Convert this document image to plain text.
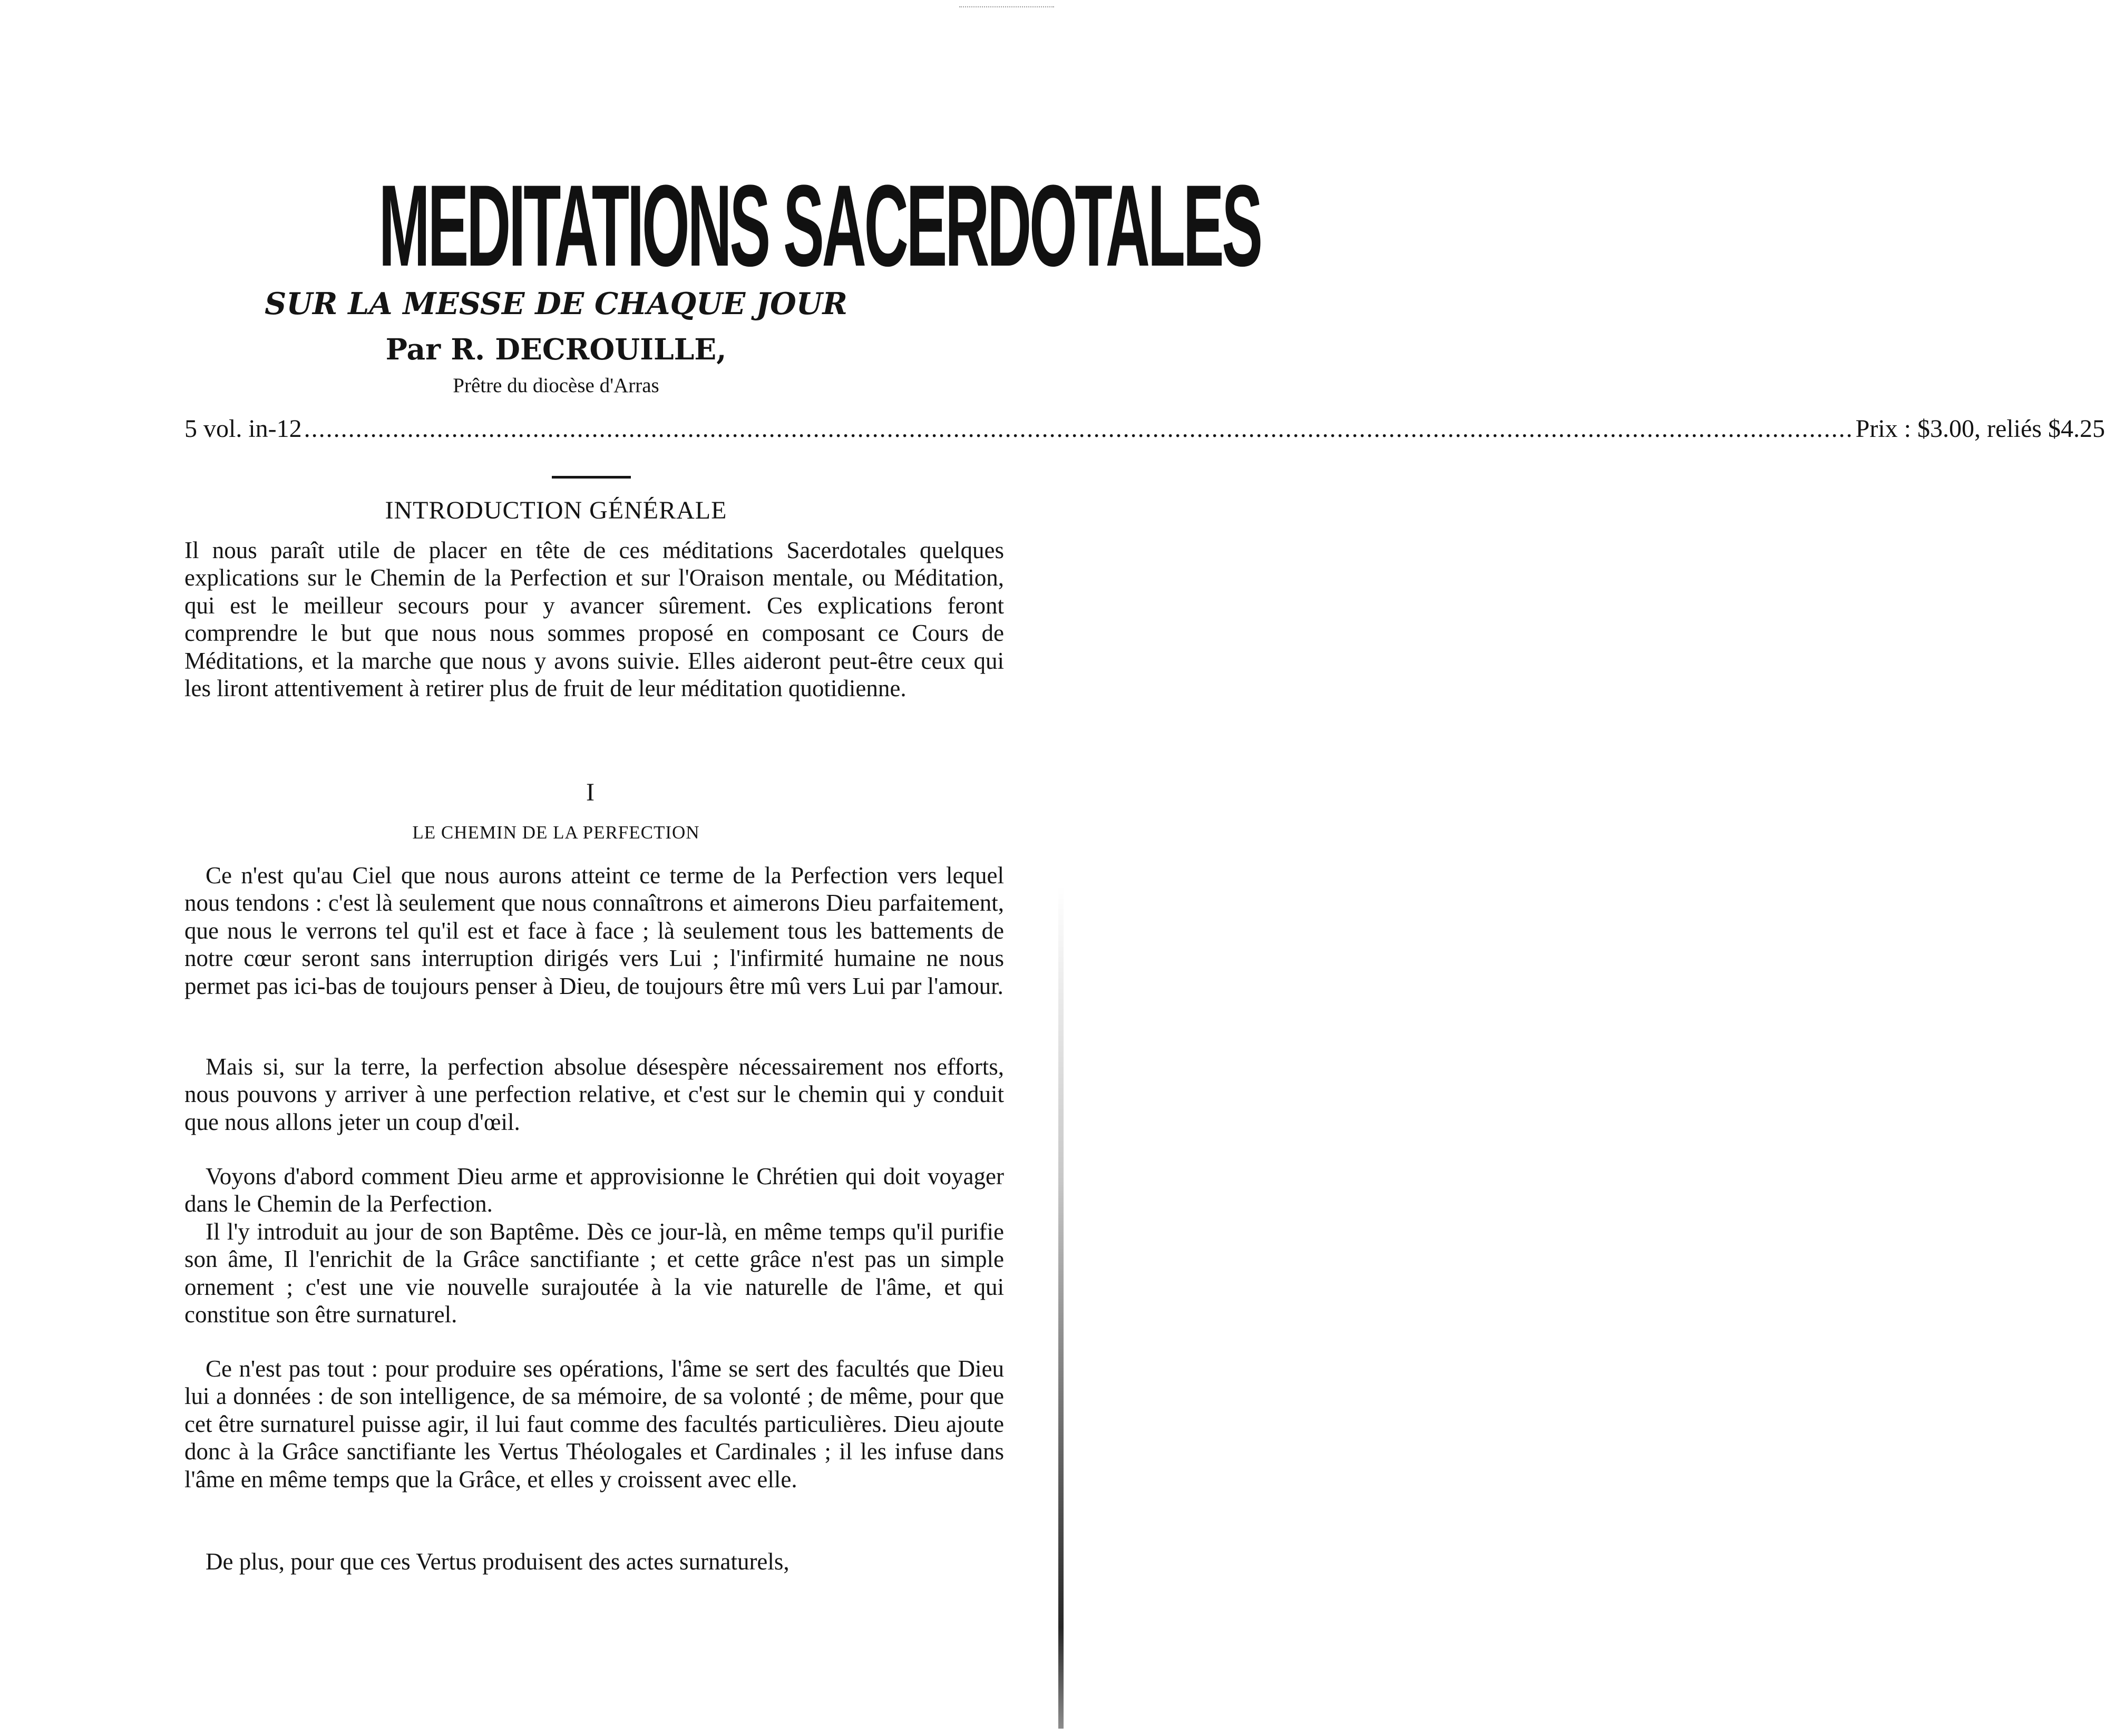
MEDITATIONS SACERDOTALES
SUR LA MESSE DE CHAQUE JOUR
Par R. DECROUILLE,
Prêtre du diocèse d'Arras
5 vol. in-12 .................................................................................................................................................................................................................. Prix : $3.00, reliés $4.25
INTRODUCTION GÉNÉRALE

Il nous paraît utile de placer en tête de ces méditations Sacerdotales quelques explications sur le Chemin de la Perfection et sur l'Oraison mentale, ou Méditation, qui est le meilleur secours pour y avancer sûrement. Ces explications feront comprendre le but que nous nous sommes proposé en composant ce Cours de Méditations, et la marche que nous y avons suivie. Elles aideront peut-être ceux qui les liront attentivement à retirer plus de fruit de leur méditation quotidienne.

I
LE CHEMIN DE LA PERFECTION

Ce n'est qu'au Ciel que nous aurons atteint ce terme de la Perfection vers lequel nous tendons : c'est là seulement que nous connaîtrons et aimerons Dieu parfaitement, que nous le verrons tel qu'il est et face à face ; là seulement tous les battements de notre cœur seront sans interruption dirigés vers Lui ; l'infirmité humaine ne nous permet pas ici-bas de toujours penser à Dieu, de toujours être mû vers Lui par l'amour.

Mais si, sur la terre, la perfection absolue désespère nécessairement nos efforts, nous pouvons y arriver à une perfection relative, et c'est sur le chemin qui y conduit que nous allons jeter un coup d'œil.

Voyons d'abord comment Dieu arme et approvisionne le Chrétien qui doit voyager dans le Chemin de la Perfection.

Il l'y introduit au jour de son Baptême. Dès ce jour-là, en même temps qu'il purifie son âme, Il l'enrichit de la Grâce sanctifiante ; et cette grâce n'est pas un simple ornement ; c'est une vie nouvelle surajoutée à la vie naturelle de l'âme, et qui constitue son être surnaturel.

Ce n'est pas tout : pour produire ses opérations, l'âme se sert des facultés que Dieu lui a données : de son intelligence, de sa mémoire, de sa volonté ; de même, pour que cet être surnaturel puisse agir, il lui faut comme des facultés particulières. Dieu ajoute donc à la Grâce sanctifiante les Vertus Théologales et Cardinales ; il les infuse dans l'âme en même temps que la Grâce, et elles y croissent avec elle.

De plus, pour que ces Vertus produisent des actes surnaturels,
